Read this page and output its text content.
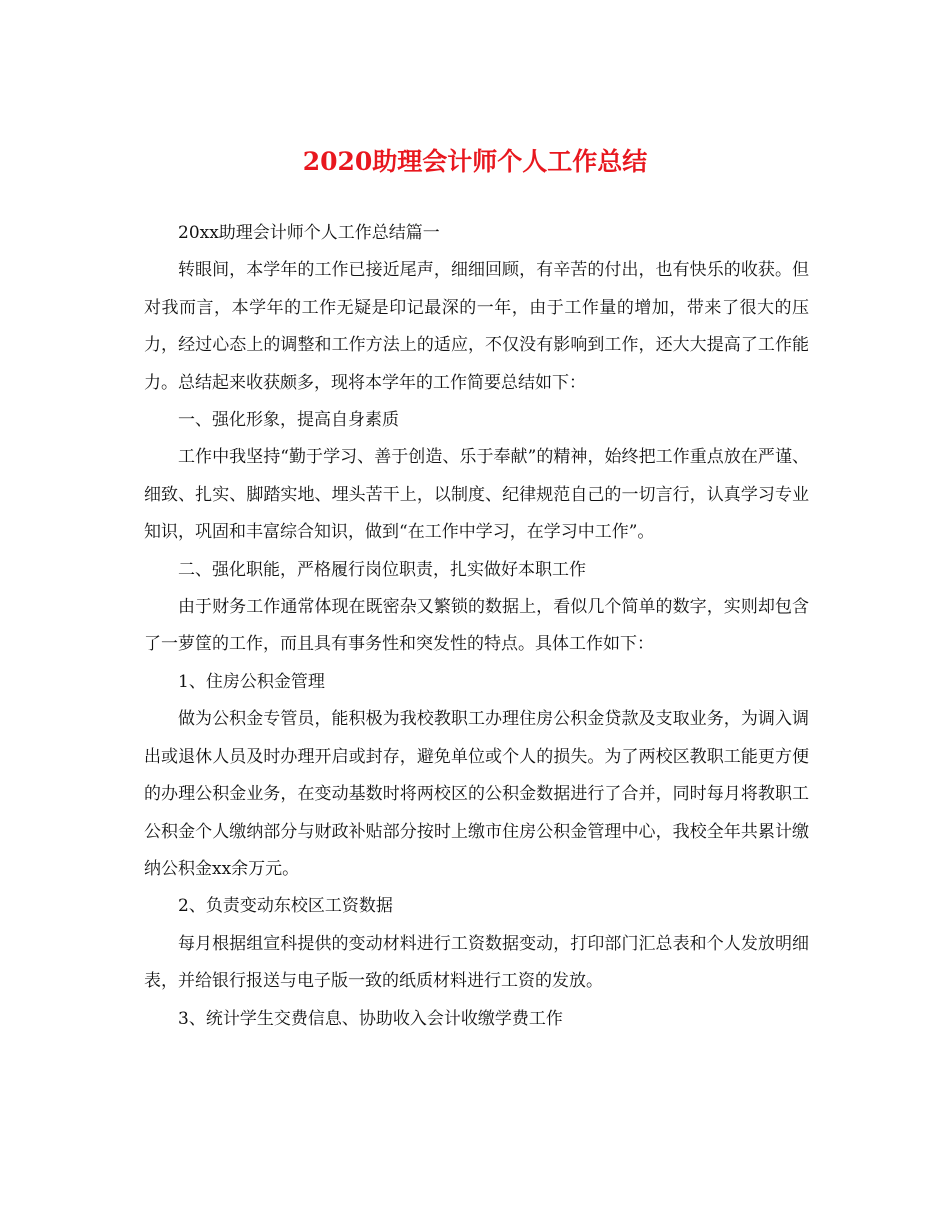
2020助理会计师个人工作总结

20xx助理会计师个人工作总结篇一

转眼间，本学年的工作已接近尾声，细细回顾，有辛苦的付出，也有快乐的收获。但对我而言，本学年的工作无疑是印记最深的一年，由于工作量的增加，带来了很大的压力，经过心态上的调整和工作方法上的适应，不仅没有影响到工作，还大大提高了工作能力。总结起来收获颇多，现将本学年的工作简要总结如下：

一、强化形象，提高自身素质

工作中我坚持“勤于学习、善于创造、乐于奉献”的精神，始终把工作重点放在严谨、细致、扎实、脚踏实地、埋头苦干上，以制度、纪律规范自己的一切言行，认真学习专业知识，巩固和丰富综合知识，做到“在工作中学习，在学习中工作”。

二、强化职能，严格履行岗位职责，扎实做好本职工作

由于财务工作通常体现在既密杂又繁锁的数据上，看似几个简单的数字，实则却包含了一萝筐的工作，而且具有事务性和突发性的特点。具体工作如下：

1、住房公积金管理

做为公积金专管员，能积极为我校教职工办理住房公积金贷款及支取业务，为调入调出或退休人员及时办理开启或封存，避免单位或个人的损失。为了两校区教职工能更方便的办理公积金业务，在变动基数时将两校区的公积金数据进行了合并，同时每月将教职工公积金个人缴纳部分与财政补贴部分按时上缴市住房公积金管理中心，我校全年共累计缴纳公积金xx余万元。

2、负责变动东校区工资数据

每月根据组宣科提供的变动材料进行工资数据变动，打印部门汇总表和个人发放明细表，并给银行报送与电子版一致的纸质材料进行工资的发放。

3、统计学生交费信息、协助收入会计收缴学费工作
